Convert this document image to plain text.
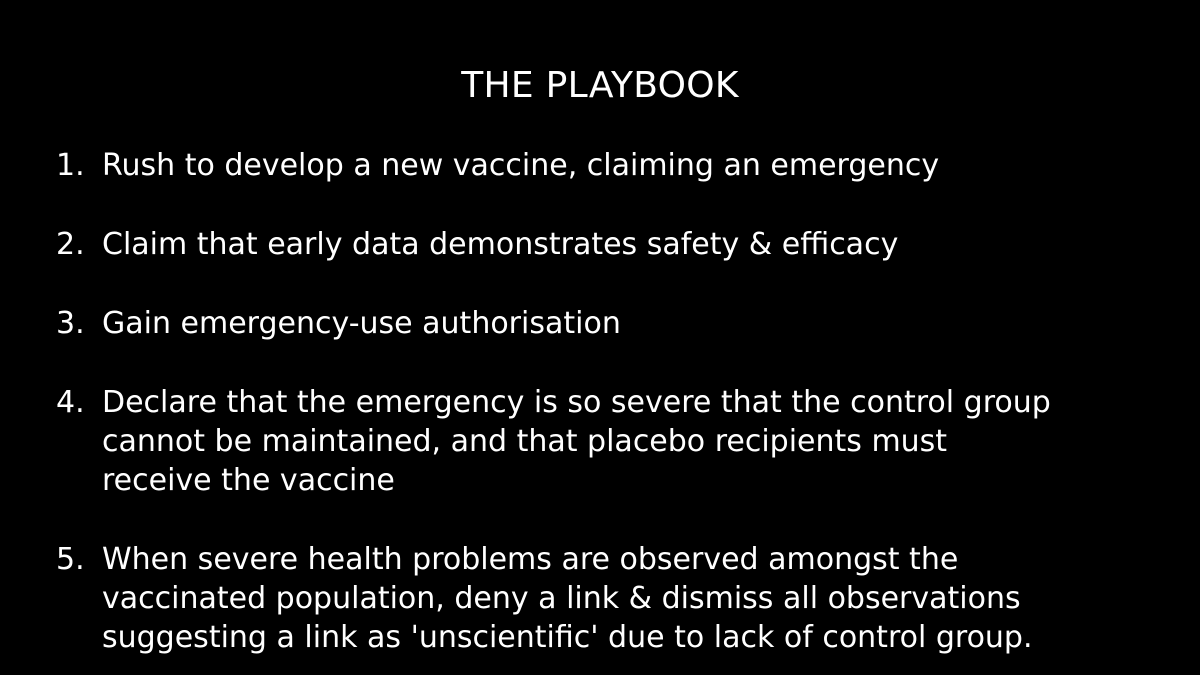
THE PLAYBOOK
1. Rush to develop a new vaccine, claiming an emergency
2. Claim that early data demonstrates safety & efficacy
3. Gain emergency-use authorisation
4. Declare that the emergency is so severe that the control group
cannot be maintained, and that placebo recipients must
receive the vaccine
5. When severe health problems are observed amongst the
vaccinated population, deny a link & dismiss all observations
suggesting a link as 'unscientific' due to lack of control group.
